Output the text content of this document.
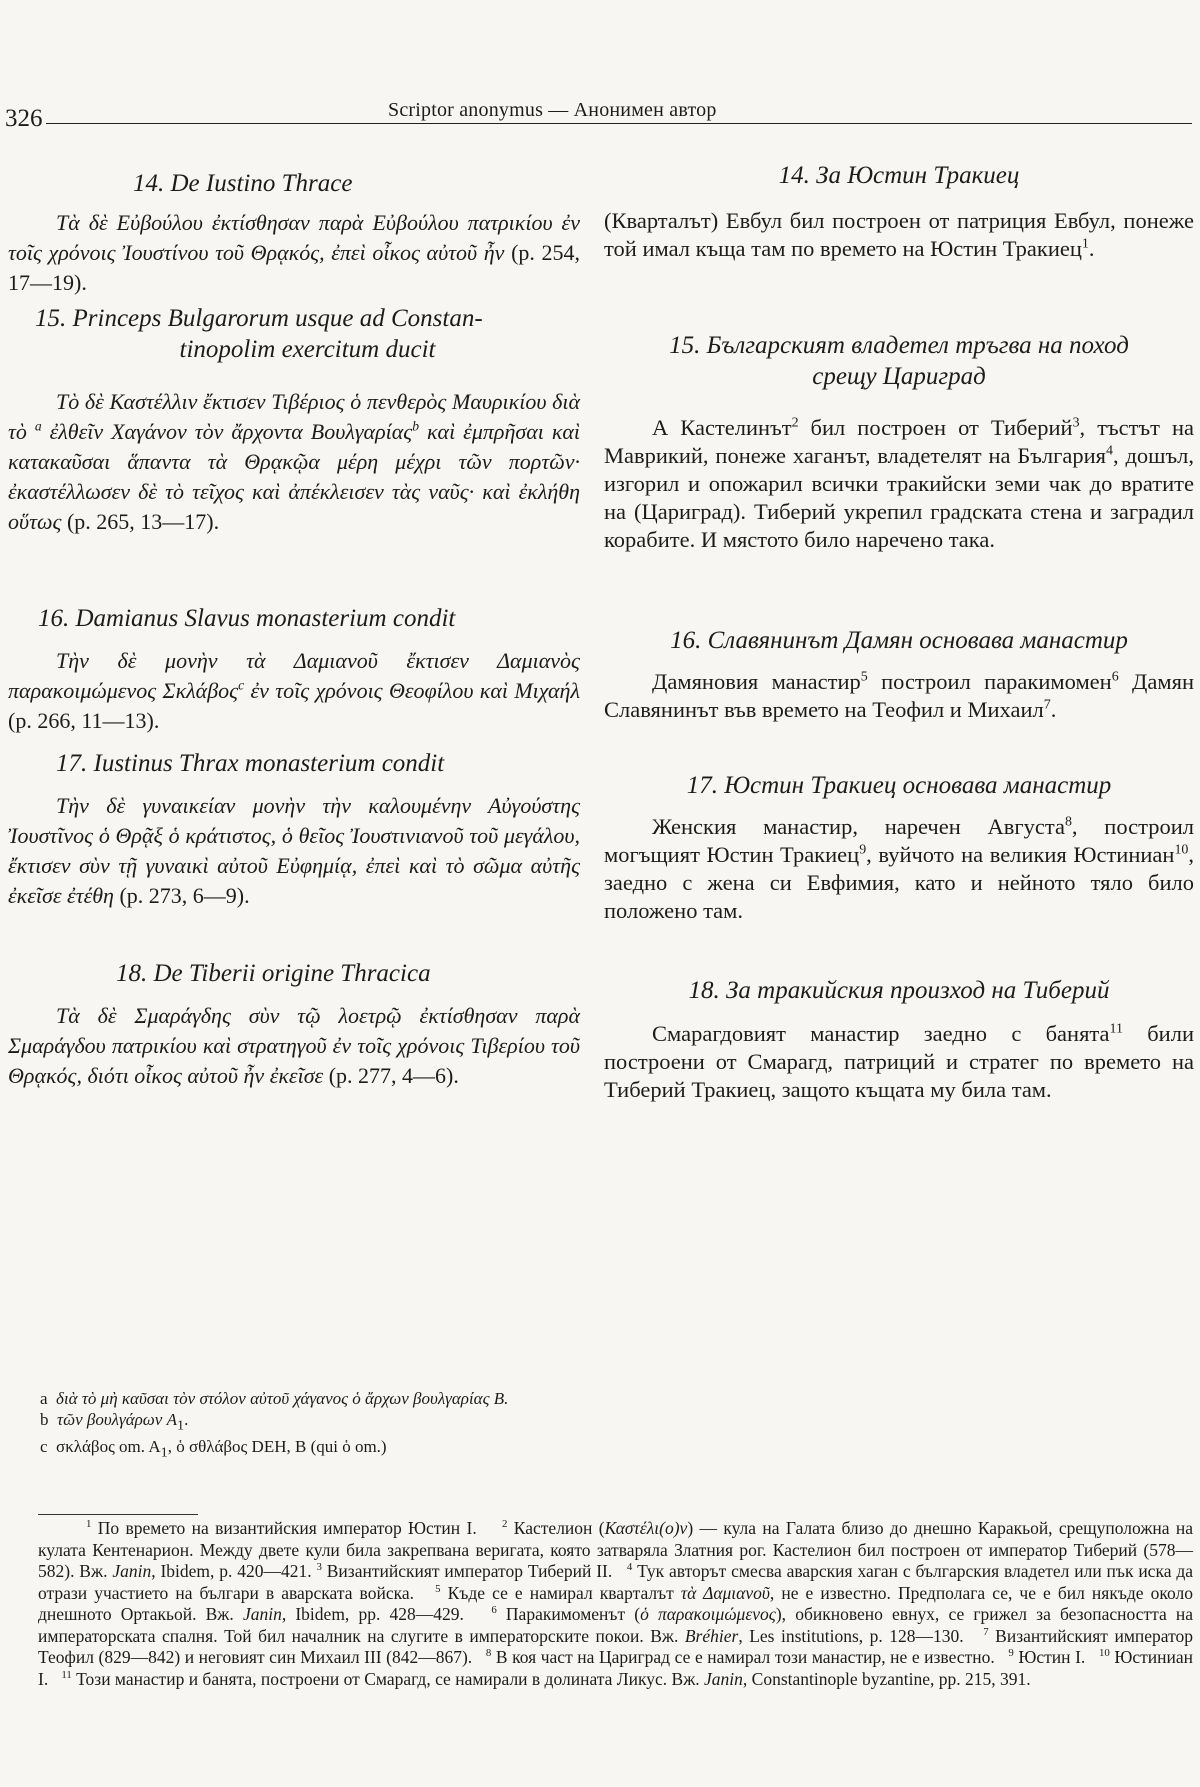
326	Scriptor anonymus — Анонимен автор

14. De Iustino Thrace

Τὰ δὲ Εὐβούλου ἐκτίσθησαν παρὰ Εὐβούλου πατρικίου ἐν τοῖς χρόνοις Ἰουστίνου τοῦ Θρᾳκός, ἐπεὶ οἶκος αὐτοῦ ἦν (p. 254, 17—19).

15. Princeps Bulgarorum usque ad Constan-
tinopolim exercitum ducit

Τὸ δὲ Καστέλλιν ἔκτισεν Τιβέριος ὁ πενθερὸς Μαυρικίου διὰ τὸ $^a$ ἐλθεῖν Χαγάνον τὸν ἄρχοντα Βουλγαρίας$^b$ καὶ ἐμπρῆσαι καὶ κατακαῦσαι ἅπαντα τὰ Θρᾳκῷα μέρη μέχρι τῶν πορτῶν· ἐκαστέλλωσεν δὲ τὸ τεῖχος καὶ ἀπέκλεισεν τὰς ναῦς· καὶ ἐκλήθη οὕτως (p. 265, 13—17).

16. Damianus Slavus monasterium condit

Τὴν δὲ μονὴν τὰ Δαμιανοῦ ἔκτισεν Δαμιανὸς παρακοιμώμενος Σκλάβος$^c$ ἐν τοῖς χρόνοις Θεοφίλου καὶ Μιχαήλ (p. 266, 11—13).

17. Iustinus Thrax monasterium condit

Τὴν δὲ γυναικείαν μονὴν τὴν καλουμένην Αὐγούστης Ἰουστῖνος ὁ Θρᾷξ ὁ κράτιστος, ὁ θεῖος Ἰουστινιανοῦ τοῦ μεγάλου, ἔκτισεν σὺν τῇ γυναικὶ αὐτοῦ Εὐφημίᾳ, ἐπεὶ καὶ τὸ σῶμα αὐτῆς ἐκεῖσε ἐτέθη (p. 273, 6—9).

18. De Tiberii origine Thracica

Τὰ δὲ Σμαράγδης σὺν τῷ λοετρῷ ἐκτίσθησαν παρὰ Σμαράγδου πατρικίου καὶ στρατηγοῦ ἐν τοῖς χρόνοις Τιβερίου τοῦ Θρᾳκός, διότι οἶκος αὐτοῦ ἦν ἐκεῖσε (p. 277, 4—6).

14. За Юстин Тракиец

(Кварталът) Евбул бил построен от патриция Евбул, понеже той имал къща там по времето на Юстин Тракиец$^1$.

15. Българският владетел тръгва на поход
срещу Цариград

А Кастелинът$^2$ бил построен от Тиберий$^3$, тъстът на Маврикий, понеже хаганът, владетелят на България$^4$, дошъл, изгорил и опожарил всички тракийски земи чак до вратите на (Цариград). Тиберий укрепил градската стена и заградил корабите. И мястото било наречено така.

16. Славянинът Дамян основава манастир

Дамяновия манастир$^5$ построил паракимомен$^6$ Дамян Славянинът във времето на Теофил и Михаил$^7$.

17. Юстин Тракиец основава манастир

Женския манастир, наречен Августа$^8$, построил могъщият Юстин Тракиец$^9$, вуйчото на великия Юстиниан$^{10}$, заедно с жена си Евфимия, като и нейното тяло било положено там.

18. За тракийския произход на Тиберий

Смарагдовият манастир заедно с банята$^{11}$ били построени от Смарагд, патриций и стратег по времето на Тиберий Тракиец, защото къщата му била там.

a διὰ τὸ μὴ καῦσαι τὸν στόλον αὐτοῦ χάγανος ὁ ἄρχων βουλγαρίας B.

b τῶν βουλγάρων $A_1$.

c σκλάβος om. $A_1$, ὁ σθλάβος DEH, B (qui ὁ om.)

$^1$ По времето на византийския император Юстин I. $^2$ Кастелион (Καστέλι(ο)ν) — кула на Галата близо до днешно Каракьой, срещуположна на кулата Кентенарион. Между двете кули била закрепвана веригата, която затваряла Златния рог. Кастелион бил построен от император Тиберий (578—582). Вж. Janin, Ibidem, p. 420—421. $^3$ Византийският император Тиберий II. $^4$ Тук авторът смесва аварския хаган с българския владетел или пък иска да отрази участието на българи в аварската войска. $^5$ Къде се е намирал кварталът τὰ Δαμιανοῦ, не е известно. Предполага се, че е бил някъде около днешното Ортакьой. Вж. Janin, Ibidem, pp. 428—429.	$^6$ Паракимоменът (ὁ παρακοιμώμενος), обикновено евнух, се грижел за безопасността на императорската спалня. Той бил началник на слугите в императорските покои. Вж. Bréhier, Les institutions, p. 128—130. $^7$ Византийският император Теофил (829—842) и неговият син Михаил III (842—867). $^8$ В коя част на Цариград се е намирал този манастир, не е известно. $^9$ Юстин I. $^{10}$ Юстиниан I. $^{11}$ Този манастир и банята, построени от Смарагд, се намирали в долината Ликус. Вж. Janin, Constantinople byzantine, pp. 215, 391.
